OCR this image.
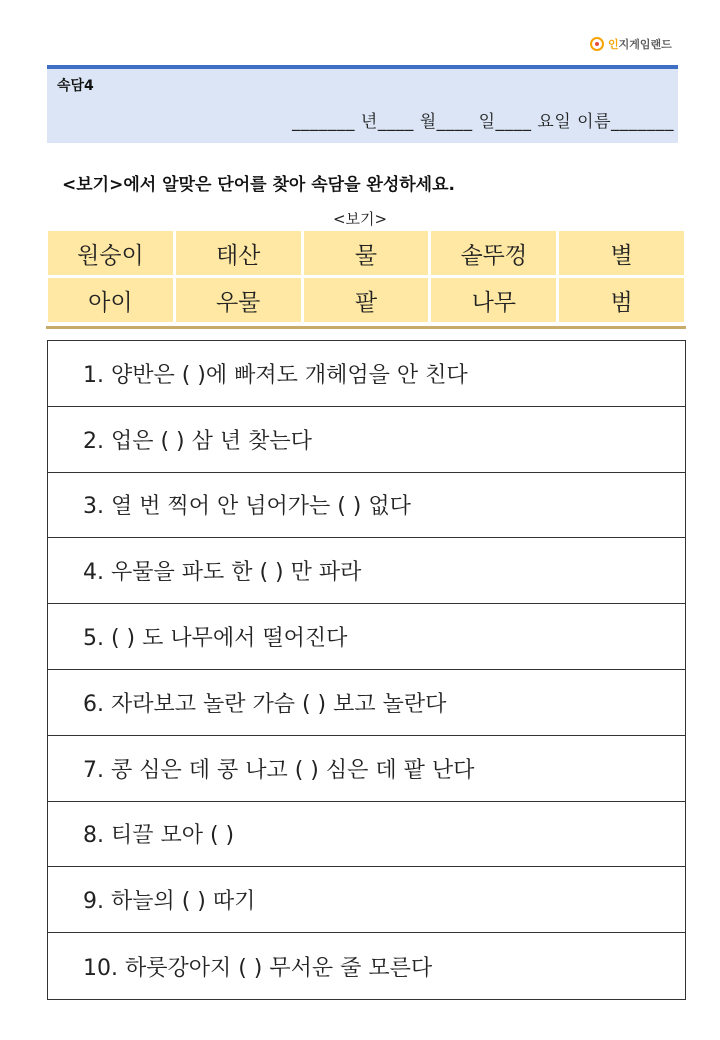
인 지게임랜드
속담4
_______ 년____ 월____ 일____ 요일 이름_______
<보기>에서 알맞은 단어를 찾아 속담을 완성하세요.
<보기>
원숭이	태산	물	솥뚜껑	별
아이	우물	팥	나무	범
1. 양반은 ( )에 빠져도 개헤엄을 안 친다
2. 업은 ( ) 삼 년 찾는다
3. 열 번 찍어 안 넘어가는 ( ) 없다
4. 우물을 파도 한 ( ) 만 파라
5. ( ) 도 나무에서 떨어진다
6. 자라보고 놀란 가슴 ( ) 보고 놀란다
7. 콩 심은 데 콩 나고 ( ) 심은 데 팥 난다
8. 티끌 모아 ( )
9. 하늘의 ( ) 따기
10. 하룻강아지 ( ) 무서운 줄 모른다
